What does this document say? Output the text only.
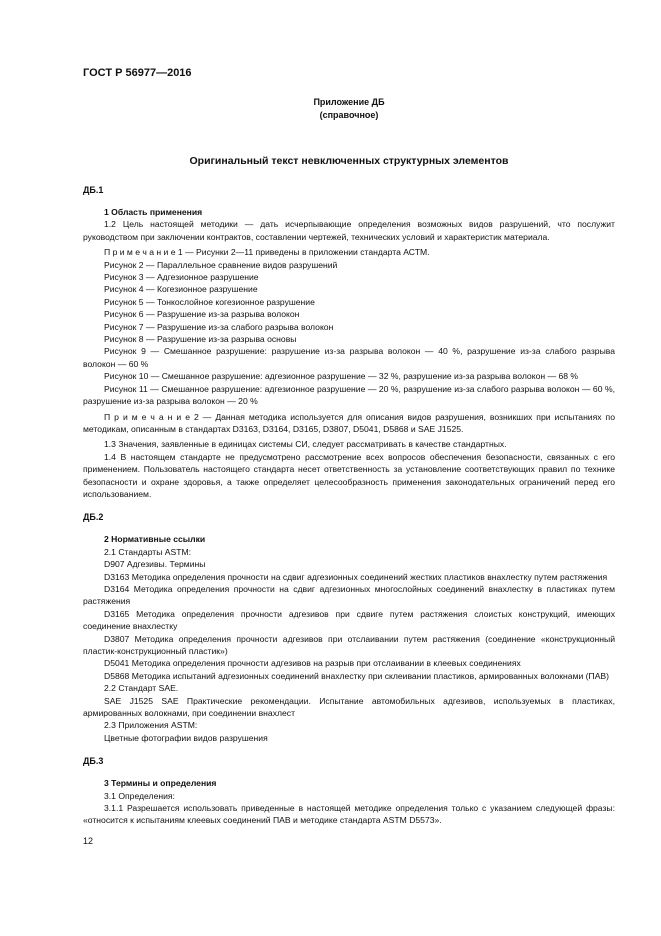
ГОСТ Р 56977—2016
Приложение ДБ
(справочное)
Оригинальный текст невключенных структурных элементов
ДБ.1

1 Область применения

1.2 Цель настоящей методики — дать исчерпывающие определения возможных видов разрушений, что послужит руководством при заключении контрактов, составлении чертежей, технических условий и характеристик материала.

П р и м е ч а н и е 1 — Рисунки 2—11 приведены в приложении стандарта АСТМ.

Рисунок 2 — Параллельное сравнение видов разрушений

Рисунок 3 — Адгезионное разрушение

Рисунок 4 — Когезионное разрушение

Рисунок 5 — Тонкослойное когезионное разрушение

Рисунок 6 — Разрушение из-за разрыва волокон

Рисунок 7 — Разрушение из-за слабого разрыва волокон

Рисунок 8 — Разрушение из-за разрыва основы

Рисунок 9 — Смешанное разрушение: разрушение из-за разрыва волокон — 40 %, разрушение из-за слабого разрыва волокон — 60 %

Рисунок 10 — Смешанное разрушение: адгезионное разрушение — 32 %, разрушение из-за разрыва волокон — 68 %

Рисунок 11 — Смешанное разрушение: адгезионное разрушение — 20 %, разрушение из-за слабого разрыва волокон — 60 %, разрушение из-за разрыва волокон — 20 %

П р и м е ч а н и е 2 — Данная методика используется для описания видов разрушения, возникших при испытаниях по методикам, описанным в стандартах D3163, D3164, D3165, D3807, D5041, D5868 и SAE J1525.

1.3 Значения, заявленные в единицах системы СИ, следует рассматривать в качестве стандартных.

1.4 В настоящем стандарте не предусмотрено рассмотрение всех вопросов обеспечения безопасности, связанных с его применением. Пользователь настоящего стандарта несет ответственность за установление соответствующих правил по технике безопасности и охране здоровья, а также определяет целесообразность применения законодательных ограничений перед его использованием.

ДБ.2

2 Нормативные ссылки

2.1 Стандарты ASTM:

D907 Адгезивы. Термины

D3163 Методика определения прочности на сдвиг адгезионных соединений жестких пластиков внахлестку путем растяжения

D3164 Методика определения прочности на сдвиг адгезионных многослойных соединений внахлестку в пластиках путем растяжения

D3165 Методика определения прочности адгезивов при сдвиге путем растяжения слоистых конструкций, имеющих соединение внахлестку

D3807 Методика определения прочности адгезивов при отслаивании путем растяжения (соединение «конструкционный пластик-конструкционный пластик»)

D5041 Методика определения прочности адгезивов на разрыв при отслаивании в клеевых соединениях

D5868 Методика испытаний адгезионных соединений внахлестку при склеивании пластиков, армированных волокнами (ПАВ)

2.2 Стандарт SAE.

SAE J1525 SAE Практические рекомендации. Испытание автомобильных адгезивов, используемых в пластиках, армированных волокнами, при соединении внахлест

2.3 Приложения ASTM:

Цветные фотографии видов разрушения

ДБ.3

3 Термины и определения

3.1 Определения:

3.1.1 Разрешается использовать приведенные в настоящей методике определения только с указанием следующей фразы: «относится к испытаниям клеевых соединений ПАВ и методике стандарта ASTM D5573».

12
